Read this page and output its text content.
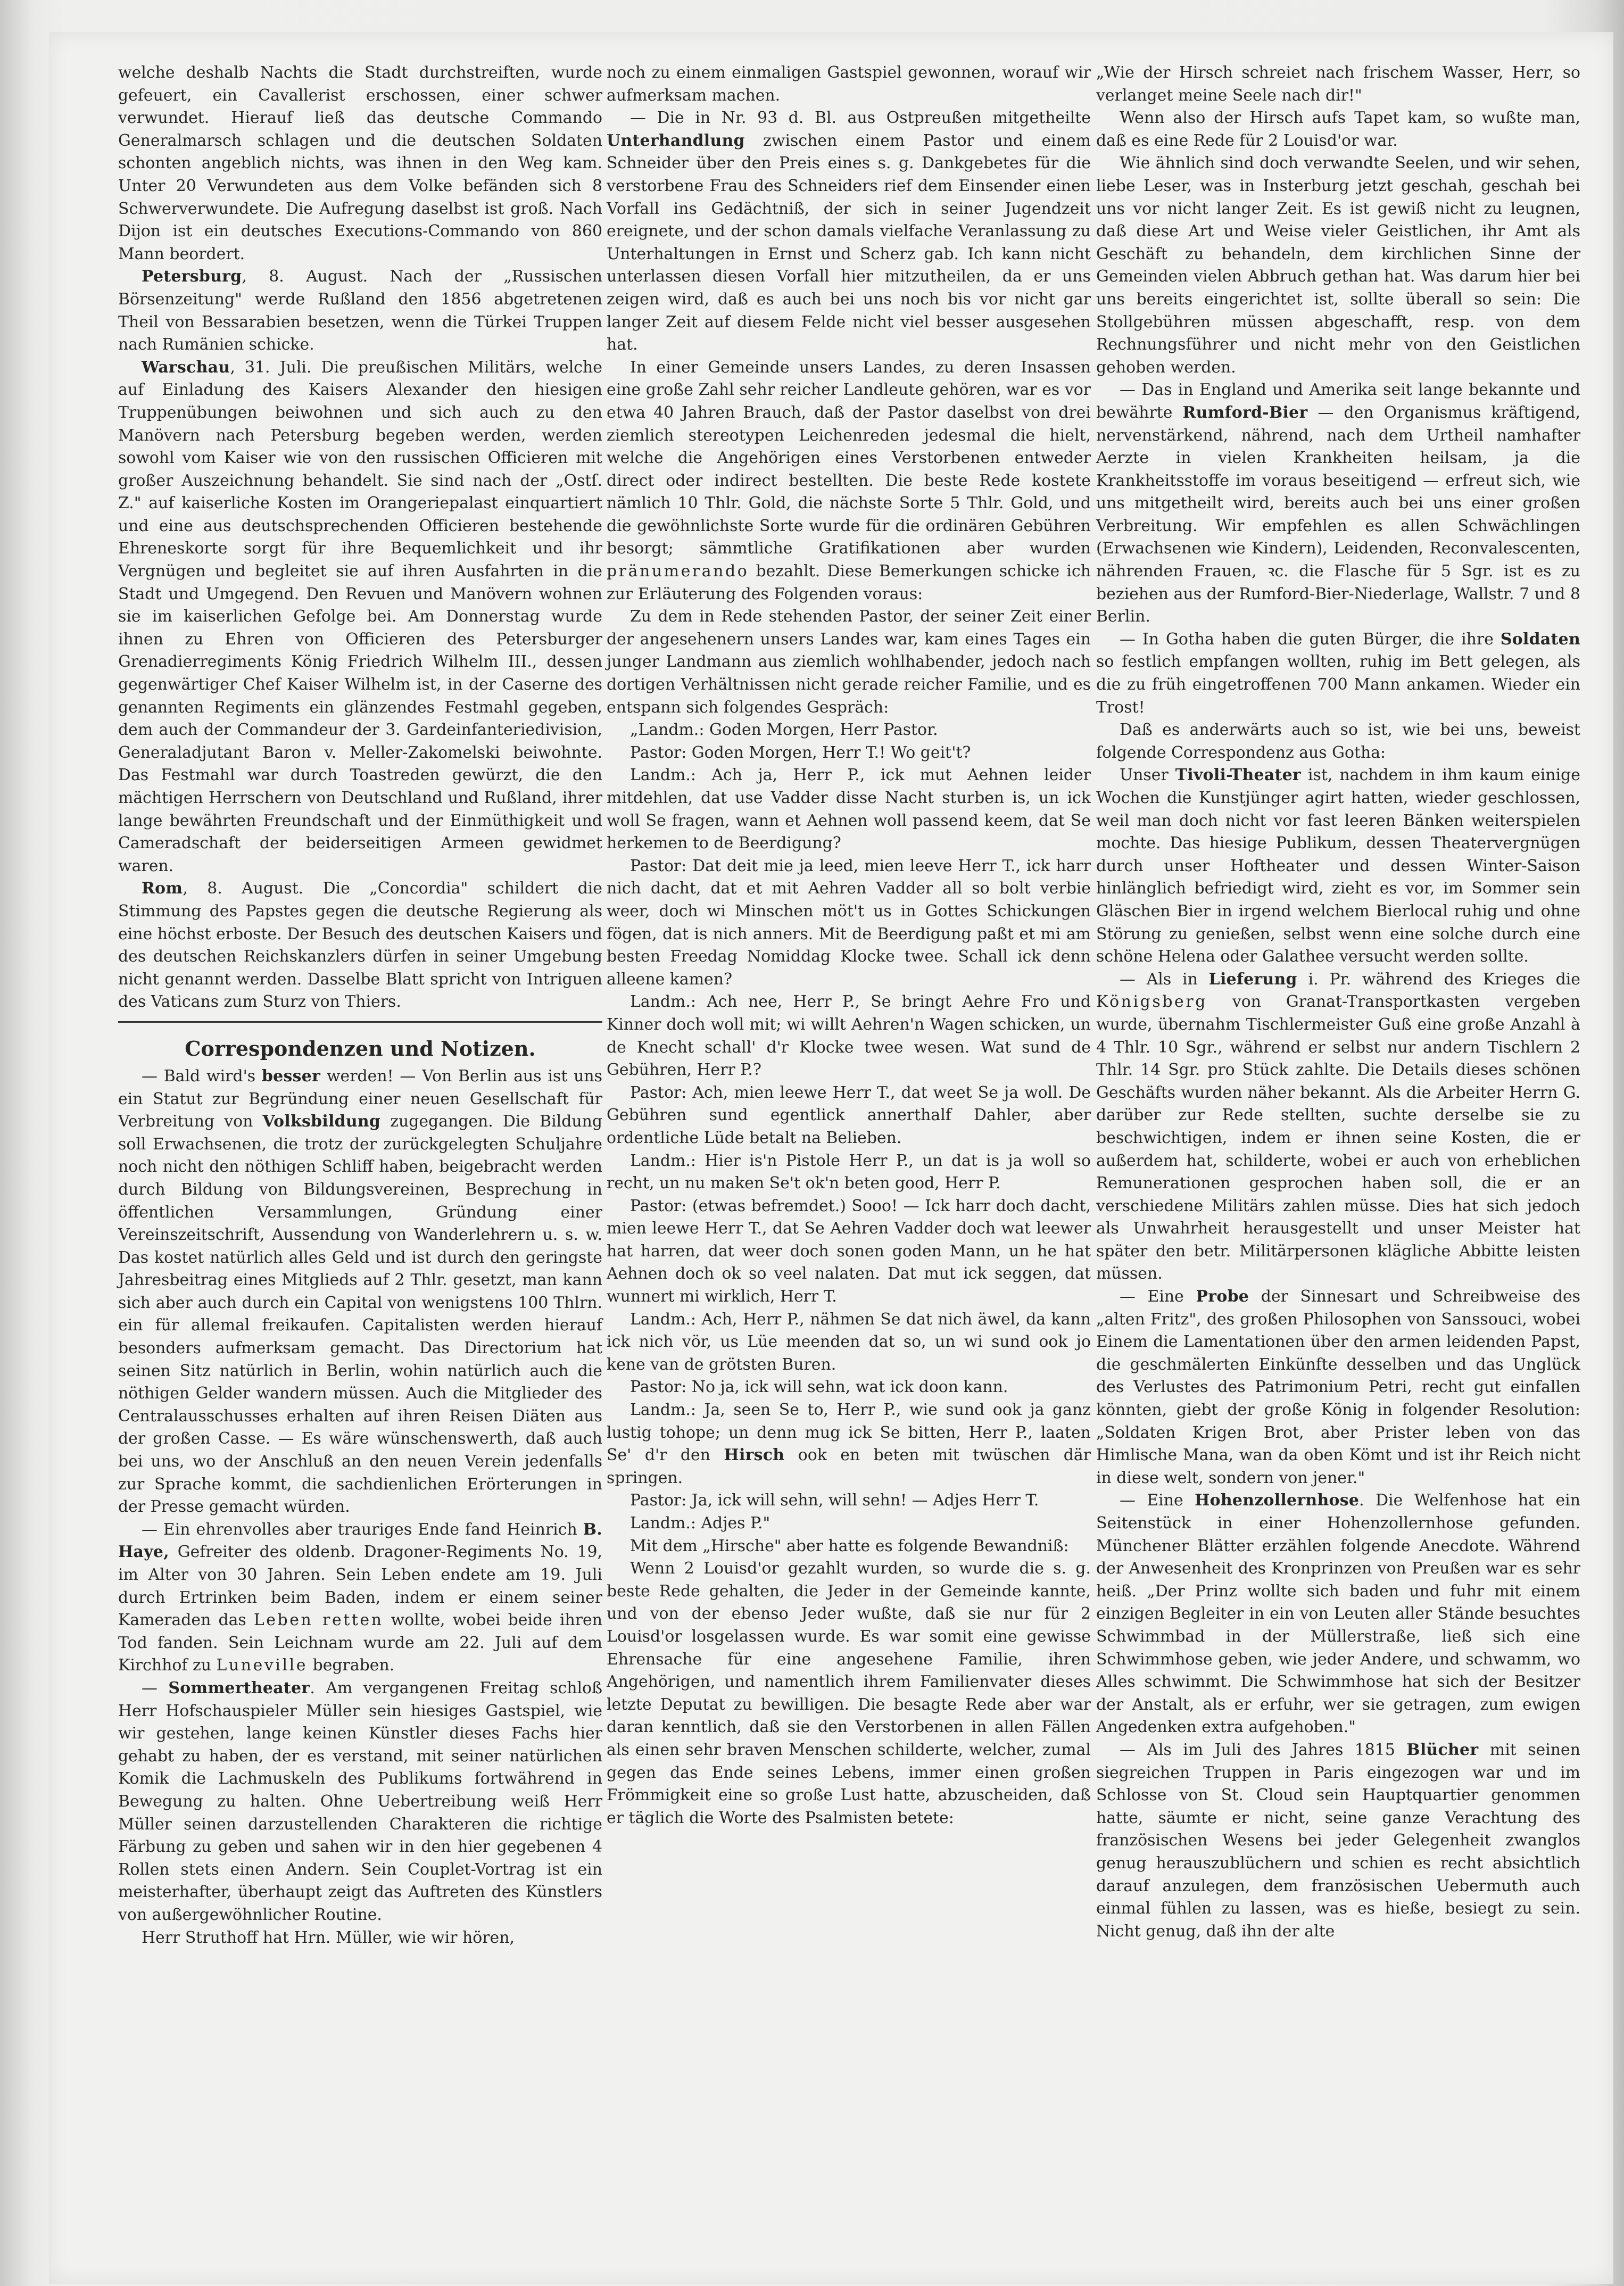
welche deshalb Nachts die Stadt durchstreiften, wurde gefeuert, ein Cavallerist erschossen, einer schwer verwundet. Hierauf ließ das deutsche Commando Generalmarsch schlagen und die deutschen Soldaten schonten angeblich nichts, was ihnen in den Weg kam. Unter 20 Verwundeten aus dem Volke befänden sich 8 Schwerverwundete. Die Aufregung daselbst ist groß. Nach Dijon ist ein deutsches Executions-Commando von 860 Mann beordert.

Petersburg, 8. August. Nach der „Russischen Börsenzeitung" werde Rußland den 1856 abgetretenen Theil von Bessarabien besetzen, wenn die Türkei Truppen nach Rumänien schicke.

Warschau, 31. Juli. Die preußischen Militärs, welche auf Einladung des Kaisers Alexander den hiesigen Truppenübungen beiwohnen und sich auch zu den Manövern nach Petersburg begeben werden, werden sowohl vom Kaiser wie von den russischen Officieren mit großer Auszeichnung behandelt. Sie sind nach der „Ostſ. Z." auf kaiserliche Kosten im Orangeriepalast einquartiert und eine aus deutschsprechenden Officieren bestehende Ehreneskorte sorgt für ihre Bequemlichkeit und ihr Vergnügen und begleitet sie auf ihren Ausfahrten in die Stadt und Umgegend. Den Revuen und Manövern wohnen sie im kaiserlichen Gefolge bei. Am Donnerstag wurde ihnen zu Ehren von Officieren des Petersburger Grenadierregiments König Friedrich Wilhelm III., dessen gegenwärtiger Chef Kaiser Wilhelm ist, in der Caserne des genannten Regiments ein glänzendes Festmahl gegeben, dem auch der Commandeur der 3. Gardeinfanteriedivision, Generaladjutant Baron v. Meller-Zakomelski beiwohnte. Das Festmahl war durch Toastreden gewürzt, die den mächtigen Herrschern von Deutschland und Rußland, ihrer lange bewährten Freundschaft und der Einmüthigkeit und Cameradschaft der beiderseitigen Armeen gewidmet waren.

Rom, 8. August. Die „Concordia" schildert die Stimmung des Papstes gegen die deutsche Regierung als eine höchst erboste. Der Besuch des deutschen Kaisers und des deutschen Reichskanzlers dürfen in seiner Umgebung nicht genannt werden. Dasselbe Blatt spricht von Intriguen des Vaticans zum Sturz von Thiers.

Correspondenzen und Notizen.

— Bald wird's besser werden! — Von Berlin aus ist uns ein Statut zur Begründung einer neuen Gesellschaft für Verbreitung von Volksbildung zugegangen. Die Bildung soll Erwachsenen, die trotz der zurückgelegten Schuljahre noch nicht den nöthigen Schliff haben, beigebracht werden durch Bildung von Bildungsvereinen, Besprechung in öffentlichen Versammlungen, Gründung einer Vereinszeitschrift, Aussendung von Wanderlehrern u. s. w. Das kostet natürlich alles Geld und ist durch den geringste Jahresbeitrag eines Mitglieds auf 2 Thlr. gesetzt, man kann sich aber auch durch ein Capital von wenigstens 100 Thlrn. ein für allemal freikaufen. Capitalisten werden hierauf besonders aufmerksam gemacht. Das Directorium hat seinen Sitz natürlich in Berlin, wohin natürlich auch die nöthigen Gelder wandern müssen. Auch die Mitglieder des Centralausschusses erhalten auf ihren Reisen Diäten aus der großen Casse. — Es wäre wünschenswerth, daß auch bei uns, wo der Anschluß an den neuen Verein jedenfalls zur Sprache kommt, die sachdienlichen Erörterungen in der Presse gemacht würden.

— Ein ehrenvolles aber trauriges Ende fand Heinrich B. Haye, Gefreiter des oldenb. Dragoner-Regiments No. 19, im Alter von 30 Jahren. Sein Leben endete am 19. Juli durch Ertrinken beim Baden, indem er einem seiner Kameraden das Leben retten wollte, wobei beide ihren Tod fanden. Sein Leichnam wurde am 22. Juli auf dem Kirchhof zu Luneville begraben.

— Sommertheater. Am vergangenen Freitag schloß Herr Hofschauspieler Müller sein hiesiges Gastspiel, wie wir gestehen, lange keinen Künstler dieses Fachs hier gehabt zu haben, der es verstand, mit seiner natürlichen Komik die Lachmuskeln des Publikums fortwährend in Bewegung zu halten. Ohne Uebertreibung weiß Herr Müller seinen darzustellenden Charakteren die richtige Färbung zu geben und sahen wir in den hier gegebenen 4 Rollen stets einen Andern. Sein Couplet-Vortrag ist ein meisterhafter, überhaupt zeigt das Auftreten des Künstlers von außergewöhnlicher Routine.

Herr Struthoff hat Hrn. Müller, wie wir hören,

noch zu einem einmaligen Gastspiel gewonnen, worauf wir aufmerksam machen.

— Die in Nr. 93 d. Bl. aus Ostpreußen mitgetheilte Unterhandlung zwischen einem Pastor und einem Schneider über den Preis eines s. g. Dankgebetes für die verstorbene Frau des Schneiders rief dem Einsender einen Vorfall ins Gedächtniß, der sich in seiner Jugendzeit ereignete, und der schon damals vielfache Veranlassung zu Unterhaltungen in Ernst und Scherz gab. Ich kann nicht unterlassen diesen Vorfall hier mitzutheilen, da er uns zeigen wird, daß es auch bei uns noch bis vor nicht gar langer Zeit auf diesem Felde nicht viel besser ausgesehen hat.

In einer Gemeinde unsers Landes, zu deren Insassen eine große Zahl sehr reicher Landleute gehören, war es vor etwa 40 Jahren Brauch, daß der Pastor daselbst von drei ziemlich stereotypen Leichenreden jedesmal die hielt, welche die Angehörigen eines Verstorbenen entweder direct oder indirect bestellten. Die beste Rede kostete nämlich 10 Thlr. Gold, die nächste Sorte 5 Thlr. Gold, und die gewöhnlichste Sorte wurde für die ordinären Gebühren besorgt; sämmtliche Gratifikationen aber wurden pränumerando bezahlt. Diese Bemerkungen schicke ich zur Erläuterung des Folgenden voraus:

Zu dem in Rede stehenden Pastor, der seiner Zeit einer der angesehenern unsers Landes war, kam eines Tages ein junger Landmann aus ziemlich wohlhabender, jedoch nach dortigen Verhältnissen nicht gerade reicher Familie, und es entspann sich folgendes Gespräch:

„Landm.: Goden Morgen, Herr Pastor.

Pastor: Goden Morgen, Herr T.! Wo geit't?

Landm.: Ach ja, Herr P., ick mut Aehnen leider mitdehlen, dat use Vadder disse Nacht sturben is, un ick woll Se fragen, wann et Aehnen woll passend keem, dat Se herkemen to de Beerdigung?

Pastor: Dat deit mie ja leed, mien leeve Herr T., ick harr nich dacht, dat et mit Aehren Vadder all so bolt verbie weer, doch wi Minschen möt't us in Gottes Schickungen fögen, dat is nich anners. Mit de Beerdigung paßt et mi am besten Freedag Nomiddag Klocke twee. Schall ick denn alleene kamen?

Landm.: Ach nee, Herr P., Se bringt Aehre Fro und Kinner doch woll mit; wi willt Aehren'n Wagen schicken, un de Knecht schall' d'r Klocke twee wesen. Wat sund de Gebühren, Herr P.?

Pastor: Ach, mien leewe Herr T., dat weet Se ja woll. De Gebühren sund egentlick annerthalf Dahler, aber ordentliche Lüde betalt na Belieben.

Landm.: Hier is'n Pistole Herr P., un dat is ja woll so recht, un nu maken Se't ok'n beten good, Herr P.

Pastor: (etwas befremdet.) Sooo! — Ick harr doch dacht, mien leewe Herr T., dat Se Aehren Vadder doch wat leewer hat harren, dat weer doch sonen goden Mann, un he hat Aehnen doch ok so veel nalaten. Dat mut ick seggen, dat wunnert mi wirklich, Herr T.

Landm.: Ach, Herr P., nähmen Se dat nich äwel, da kann ick nich vör, us Lüe meenden dat so, un wi sund ook jo kene van de grötsten Buren.

Pastor: No ja, ick will sehn, wat ick doon kann.

Landm.: Ja, seen Se to, Herr P., wie sund ook ja ganz lustig tohope; un denn mug ick Se bitten, Herr P., laaten Se' d'r den Hirsch ook en beten mit twüschen där springen.

Pastor: Ja, ick will sehn, will sehn! — Adjes Herr T.

Landm.: Adjes P."

Mit dem „Hirsche" aber hatte es folgende Bewandniß:

Wenn 2 Louisd'or gezahlt wurden, so wurde die s. g. beste Rede gehalten, die Jeder in der Gemeinde kannte, und von der ebenso Jeder wußte, daß sie nur für 2 Louisd'or losgelassen wurde. Es war somit eine gewisse Ehrensache für eine angesehene Familie, ihren Angehörigen, und namentlich ihrem Familienvater dieses letzte Deputat zu bewilligen. Die besagte Rede aber war daran kenntlich, daß sie den Verstorbenen in allen Fällen als einen sehr braven Menschen schilderte, welcher, zumal gegen das Ende seines Lebens, immer einen großen Frömmigkeit eine so große Lust hatte, abzuscheiden, daß er täglich die Worte des Psalmisten betete:

„Wie der Hirsch schreiet nach frischem Wasser, Herr, so verlanget meine Seele nach dir!"

Wenn also der Hirsch aufs Tapet kam, so wußte man, daß es eine Rede für 2 Louisd'or war.

Wie ähnlich sind doch verwandte Seelen, und wir sehen, liebe Leser, was in Insterburg jetzt geschah, geschah bei uns vor nicht langer Zeit. Es ist gewiß nicht zu leugnen, daß diese Art und Weise vieler Geistlichen, ihr Amt als Geschäft zu behandeln, dem kirchlichen Sinne der Gemeinden vielen Abbruch gethan hat. Was darum hier bei uns bereits eingerichtet ist, sollte überall so sein: Die Stollgebühren müssen abgeschafft, resp. von dem Rechnungsführer und nicht mehr von den Geistlichen gehoben werden.

— Das in England und Amerika seit lange bekannte und bewährte Rumford-Bier — den Organismus kräftigend, nervenstärkend, nährend, nach dem Urtheil namhafter Aerzte in vielen Krankheiten heilsam, ja die Krankheitsstoffe im voraus beseitigend — erfreut sich, wie uns mitgetheilt wird, bereits auch bei uns einer großen Verbreitung. Wir empfehlen es allen Schwächlingen (Erwachsenen wie Kindern), Leidenden, Reconvalescenten, nährenden Frauen, ꝛc. die Flasche für 5 Sgr. ist es zu beziehen aus der Rumford-Bier-Niederlage, Wallstr. 7 und 8 Berlin.

— In Gotha haben die guten Bürger, die ihre Soldaten so festlich empfangen wollten, ruhig im Bett gelegen, als die zu früh eingetroffenen 700 Mann ankamen. Wieder ein Trost!

Daß es anderwärts auch so ist, wie bei uns, beweist folgende Correspondenz aus Gotha:

Unser Tivoli-Theater ist, nachdem in ihm kaum einige Wochen die Kunstjünger agirt hatten, wieder geschlossen, weil man doch nicht vor fast leeren Bänken weiterspielen mochte. Das hiesige Publikum, dessen Theatervergnügen durch unser Hoftheater und dessen Winter-Saison hinlänglich befriedigt wird, zieht es vor, im Sommer sein Gläschen Bier in irgend welchem Bierlocal ruhig und ohne Störung zu genießen, selbst wenn eine solche durch eine schöne Helena oder Galathee versucht werden sollte.

— Als in Lieferung i. Pr. während des Krieges die Königsberg von Granat-Transportkasten vergeben wurde, übernahm Tischlermeister Guß eine große Anzahl à 4 Thlr. 10 Sgr., während er selbst nur andern Tischlern 2 Thlr. 14 Sgr. pro Stück zahlte. Die Details dieses schönen Geschäfts wurden näher bekannt. Als die Arbeiter Herrn G. darüber zur Rede stellten, suchte derselbe sie zu beschwichtigen, indem er ihnen seine Kosten, die er außerdem hat, schilderte, wobei er auch von erheblichen Remunerationen gesprochen haben soll, die er an verschiedene Militärs zahlen müsse. Dies hat sich jedoch als Unwahrheit herausgestellt und unser Meister hat später den betr. Militärpersonen klägliche Abbitte leisten müssen.

— Eine Probe der Sinnesart und Schreibweise des „alten Fritz", des großen Philosophen von Sanssouci, wobei Einem die Lamentationen über den armen leidenden Papst, die geschmälerten Einkünfte desselben und das Unglück des Verlustes des Patrimonium Petri, recht gut einfallen könnten, giebt der große König in folgender Resolution: „Soldaten Krigen Brot, aber Prister leben von das Himlische Mana, wan da oben Kömt und ist ihr Reich nicht in diese welt, sondern von jener."

— Eine Hohenzollernhose. Die Welfenhose hat ein Seitenstück in einer Hohenzollernhose gefunden. Münchener Blätter erzählen folgende Anecdote. Während der Anwesenheit des Kronprinzen von Preußen war es sehr heiß. „Der Prinz wollte sich baden und fuhr mit einem einzigen Begleiter in ein von Leuten aller Stände besuchtes Schwimmbad in der Müllerstraße, ließ sich eine Schwimmhose geben, wie jeder Andere, und schwamm, wo Alles schwimmt. Die Schwimmhose hat sich der Besitzer der Anstalt, als er erfuhr, wer sie getragen, zum ewigen Angedenken extra aufgehoben."

— Als im Juli des Jahres 1815 Blücher mit seinen siegreichen Truppen in Paris eingezogen war und im Schlosse von St. Cloud sein Hauptquartier genommen hatte, säumte er nicht, seine ganze Verachtung des französischen Wesens bei jeder Gelegenheit zwanglos genug herauszublüchern und schien es recht absichtlich darauf anzulegen, dem französischen Uebermuth auch einmal fühlen zu lassen, was es hieße, besiegt zu sein. Nicht genug, daß ihn der alte
